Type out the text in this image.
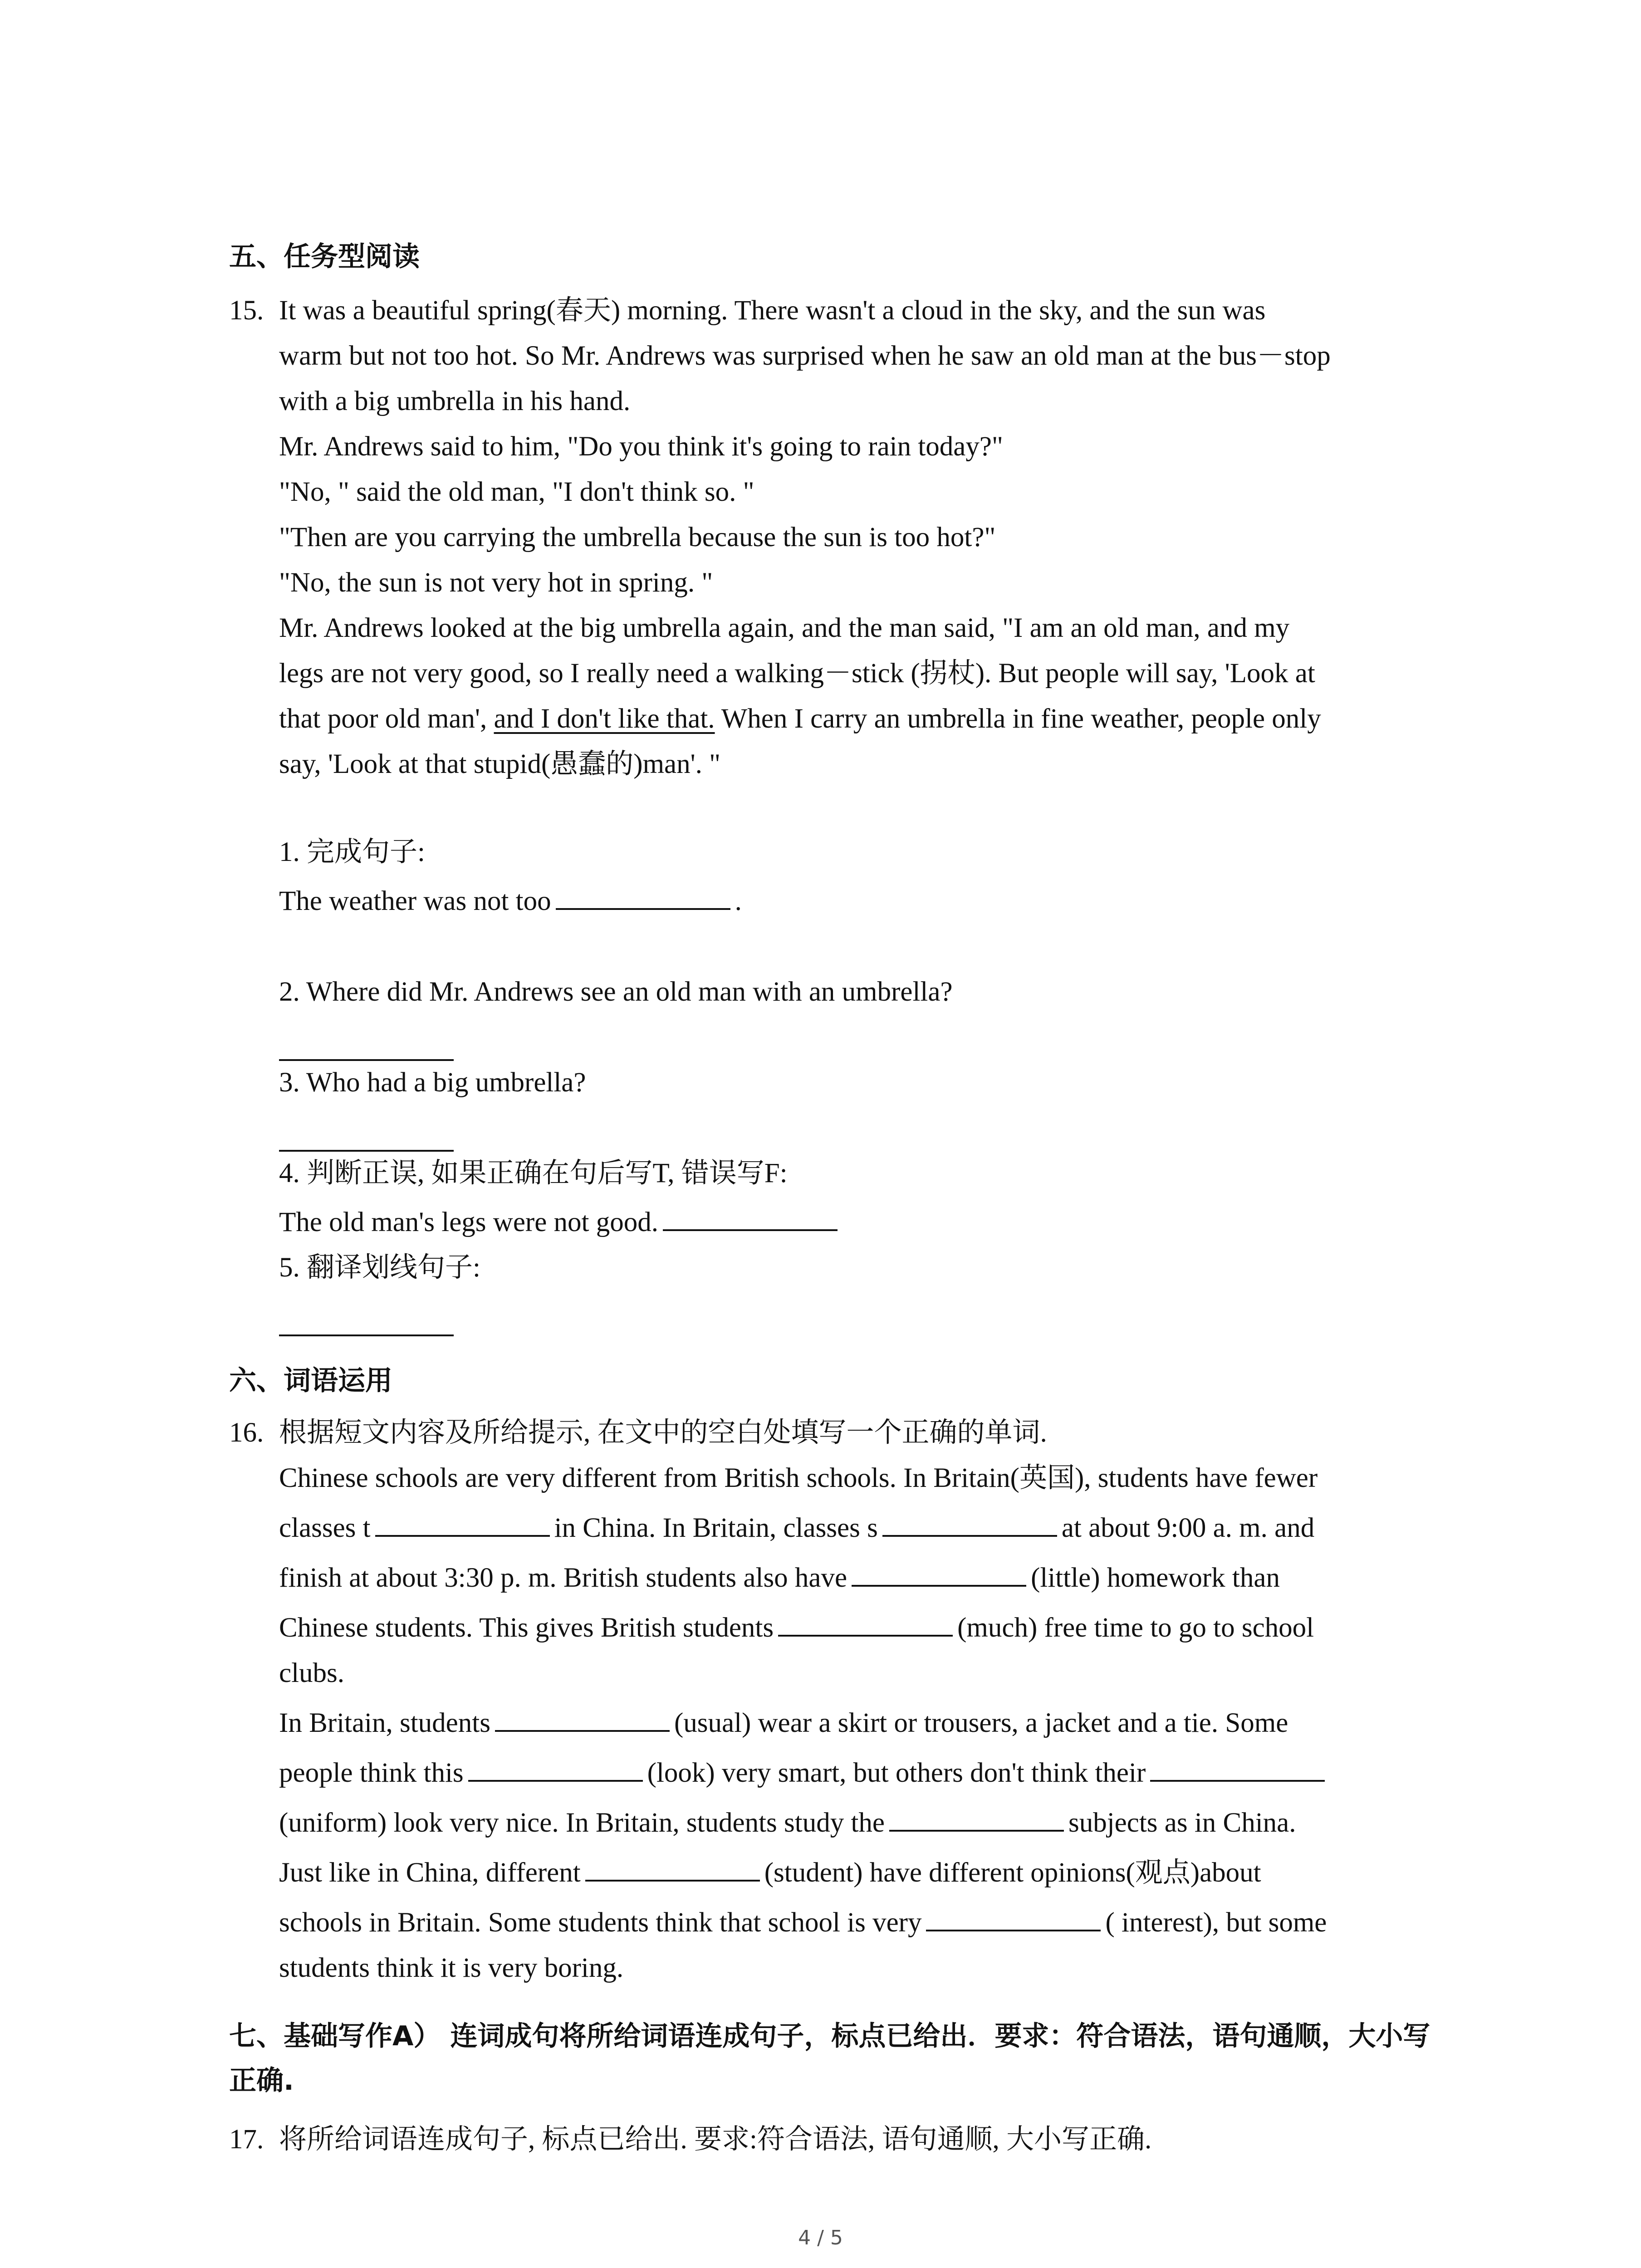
五、任务型阅读
15. It was a beautiful spring(春天) morning. There wasn't a cloud in the sky, and the sun was
warm but not too hot. So Mr. Andrews was surprised when he saw an old man at the bus－stop
with a big umbrella in his hand.
Mr. Andrews said to him, "Do you think it's going to rain today?"
"No, " said the old man, "I don't think so. "
"Then are you carrying the umbrella because the sun is too hot?"
"No, the sun is not very hot in spring. "
Mr. Andrews looked at the big umbrella again, and the man said, "I am an old man, and my
legs are not very good, so I really need a walking－stick (拐杖). But people will say, 'Look at
that poor old man', and I don't like that. When I carry an umbrella in fine weather, people only
say, 'Look at that stupid(愚蠢的)man'. "
1. 完成句子:
The weather was not too	.
2. Where did Mr. Andrews see an old man with an umbrella?
3. Who had a big umbrella?
4. 判断正误, 如果正确在句后写T, 错误写F:
The old man's legs were not good.
5. 翻译划线句子:
六、词语运用
16. 根据短文内容及所给提示, 在文中的空白处填写一个正确的单词.
Chinese schools are very different from British schools. In Britain(英国), students have fewer
classes t	in China. In Britain, classes s	at about 9:00 a. m. and
finish at about 3:30 p. m. British students also have	(little) homework than
Chinese students. This gives British students	(much) free time to go to school
clubs.
In Britain, students	(usual) wear a skirt or trousers, a jacket and a tie. Some
people think this	(look) very smart, but others don't think their
(uniform) look very nice. In Britain, students study the	subjects as in China.
Just like in China, different	(student) have different opinions(观点)about
schools in Britain. Some students think that school is very	( interest), but some
students think it is very boring.
七、基础写作A） 连词成句将所给词语连成句子，标点已给出．要求：符合语法，语句通顺，大小写正确.
17. 将所给词语连成句子, 标点已给出. 要求:符合语法, 语句通顺, 大小写正确.
4 / 5
